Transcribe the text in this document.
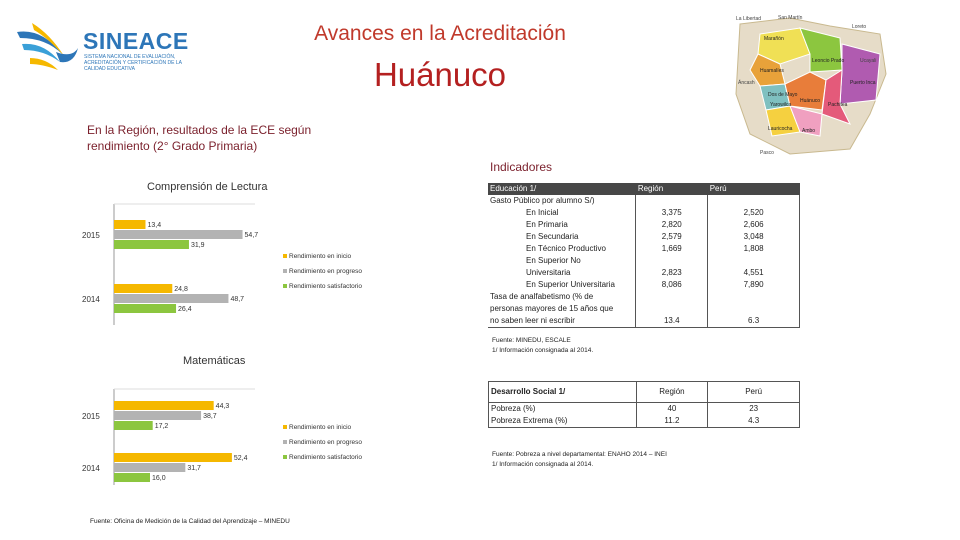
SINEACE
SISTEMA NACIONAL DE EVALUACIÓN, ACREDITACIÓN Y CERTIFICACIÓN DE LA CALIDAD EDUCATIVA
Avances en la Acreditación
Huánuco
En la Región, resultados de la ECE según rendimiento (2° Grado Primaria)
La Libertad	San Martín
Loreto
Marañón
Huamalíes
Leoncio Prado	Ucayali
Áncash
Huánuco
Puerto Inca
Dos de Mayo
Yarowilca	Pachitea
Lauricocha Ambo
Pasco
Indicadores
Comprensión de Lectura
2015
13,4
54,7
31,9
2014
24,8
48,7
26,4
Rendimiento en inicio
Rendimiento en progreso
Rendimiento satisfactorio
Matemáticas
2015
44,3
38,7
17,2
2014
52,4
31,7
16,0
Rendimiento en inicio
Rendimiento en progreso
Rendimiento satisfactorio
Fuente: Oficina de Medición de la Calidad del Aprendizaje – MINEDU
Educación 1/	Región	Perú
Gasto Público por alumno S/)		
En Inicial	3,375	2,520
En Primaria	2,820	2,606
En Secundaria	2,579	3,048
En Técnico Productivo	1,669	1,808
En Superior No		
Universitaria	2,823	4,551
En Superior Universitaria	8,086	7,890
Tasa de analfabetismo (% de		
personas mayores de 15 años que		
no saben leer ni escribir	13.4	6.3
Fuente: MINEDU, ESCALE
1/ Información consignada al 2014.
Desarrollo Social 1/	Región	Perú
Pobreza (%)	40	23
Pobreza Extrema (%)	11.2	4.3
Fuente: Pobreza a nivel departamental: ENAHO 2014 – INEI
1/ Información consignada al 2014.
